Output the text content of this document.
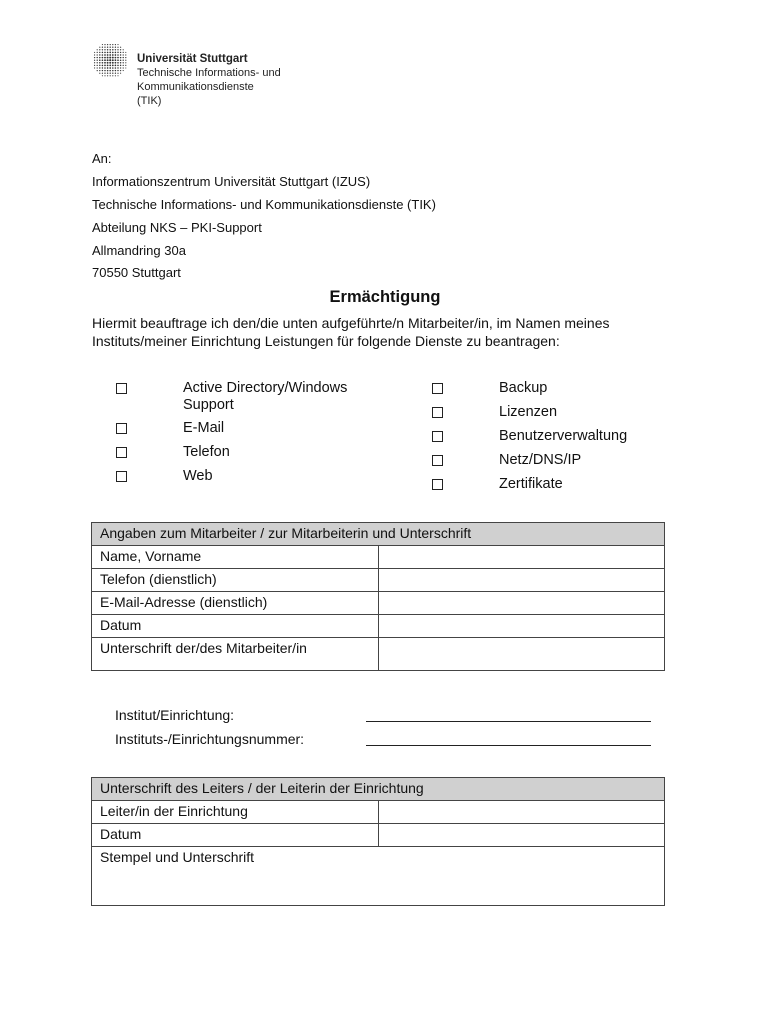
Universität Stuttgart
Technische Informations- und
Kommunikationsdienste
(TIK)
An:
Informationszentrum Universität Stuttgart (IZUS)
Technische Informations- und Kommunikationsdienste (TIK)
Abteilung NKS – PKI-Support
Allmandring 30a
70550 Stuttgart
Ermächtigung
Hiermit beauftrage ich den/die unten aufgeführte/n Mitarbeiter/in, im Namen meines Instituts/meiner Einrichtung Leistungen für folgende Dienste zu beantragen:
Active Directory/Windows Support
E-Mail
Telefon
Web
Backup
Lizenzen
Benutzerverwaltung
Netz/DNS/IP
Zertifikate
Angaben zum Mitarbeiter / zur Mitarbeiterin und Unterschrift	
Name, Vorname	
Telefon (dienstlich)	
E-Mail-Adresse (dienstlich)	
Datum	
Unterschrift der/des Mitarbeiter/in	
Institut/Einrichtung:
Instituts-/Einrichtungsnummer:
Unterschrift des Leiters / der Leiterin der Einrichtung	
Leiter/in der Einrichtung	
Datum	
Stempel und Unterschrift	
